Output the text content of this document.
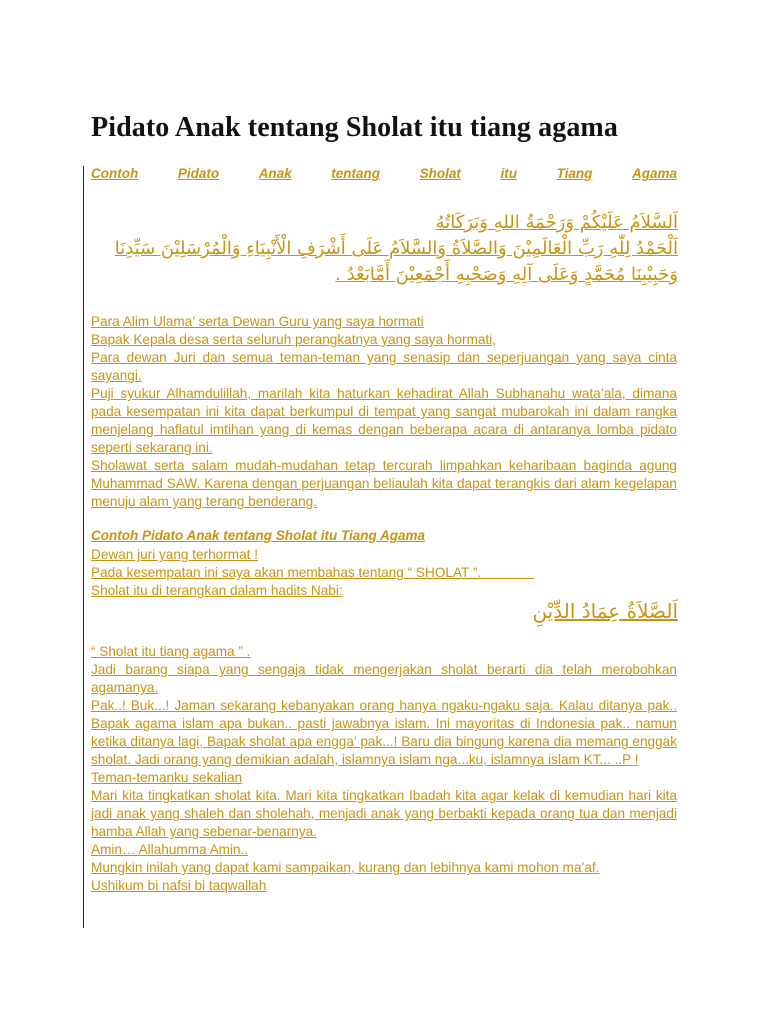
Pidato Anak tentang Sholat itu tiang agama
Contoh	Pidato	Anak	tentang	Sholat	itu	Tiang	Agama
اَلسَّلاَمُ عَلَيْكُمْ وَرَحْمَةُ اللهِ وَبَرَكَاتُهُ
اَلْحَمْدُ لِلّٰهِ رَبِّ الْعَالَمِيْنَ وَالصَّلاَةُ وَالسَّلاَمُ عَلَى أَشْرَفِ الْأَنْبِيَاءِ وَالْمُرْسَلِيْنَ سَيِّدِنَا
وَحَبِيْبِنَا مُحَمَّدٍ وَعَلَى آلِهِ وَصَحْبِهِ أَجْمَعِيْنَ أَمَّابَعْدُ .

Para Alim Ulama’ serta Dewan Guru yang saya hormati

Bapak Kepala desa serta seluruh perangkatnya yang saya hormati,

Para dewan Juri dan semua teman-teman yang senasip dan seperjuangan yang saya cinta sayangi.

Puji syukur Alhamdulillah, marilah kita haturkan kehadirat Allah Subhanahu wata’ala, dimana pada kesempatan ini kita dapat berkumpul di tempat yang sangat mubarokah ini dalam rangka menjelang haflatul imtihan yang di kemas dengan beberapa acara di antaranya lomba pidato seperti sekarang ini.

Sholawat serta salam mudah-mudahan tetap tercurah limpahkan keharibaan baginda agung Muhammad SAW. Karena dengan perjuangan beliaulah kita dapat terangkis dari alam kegelapan menuju alam yang terang benderang.

Contoh Pidato Anak tentang Sholat itu Tiang Agama

Dewan juri yang terhormat !

Pada kesempatan ini saya akan membahas tentang “ SHOLAT ”.

Sholat itu di terangkan dalam hadits Nabi:

اَلصَّلاَةُ عِمَادُ الدِّيْنِ

“ Sholat itu tiang agama ” .

Jadi barang siapa yang sengaja tidak mengerjakan sholat berarti dia telah merobohkan agamanya.

Pak..! Buk...! Jaman sekarang kebanyakan orang hanya ngaku-ngaku saja. Kalau ditanya pak.. Bapak agama islam apa bukan.. pasti jawabnya islam. Ini mayoritas di Indonesia pak.. namun ketika ditanya lagi, Bapak sholat apa engga’ pak...! Baru dia bingung karena dia memang enggak sholat. Jadi orang yang demikian adalah, islamnya islam nga...ku, islamnya islam KT... ..P !

Teman-temanku sekalian

Mari kita tingkatkan sholat kita. Mari kita tingkatkan Ibadah kita agar kelak di kemudian hari kita jadi anak yang shaleh dan sholehah, menjadi anak yang berbakti kepada orang tua dan menjadi hamba Allah yang sebenar-benarnya.

Amin… Allahumma Amin..

Mungkin inilah yang dapat kami sampaikan, kurang dan lebihnya kami mohon ma’af.

Ushikum bi nafsi bi taqwallah
